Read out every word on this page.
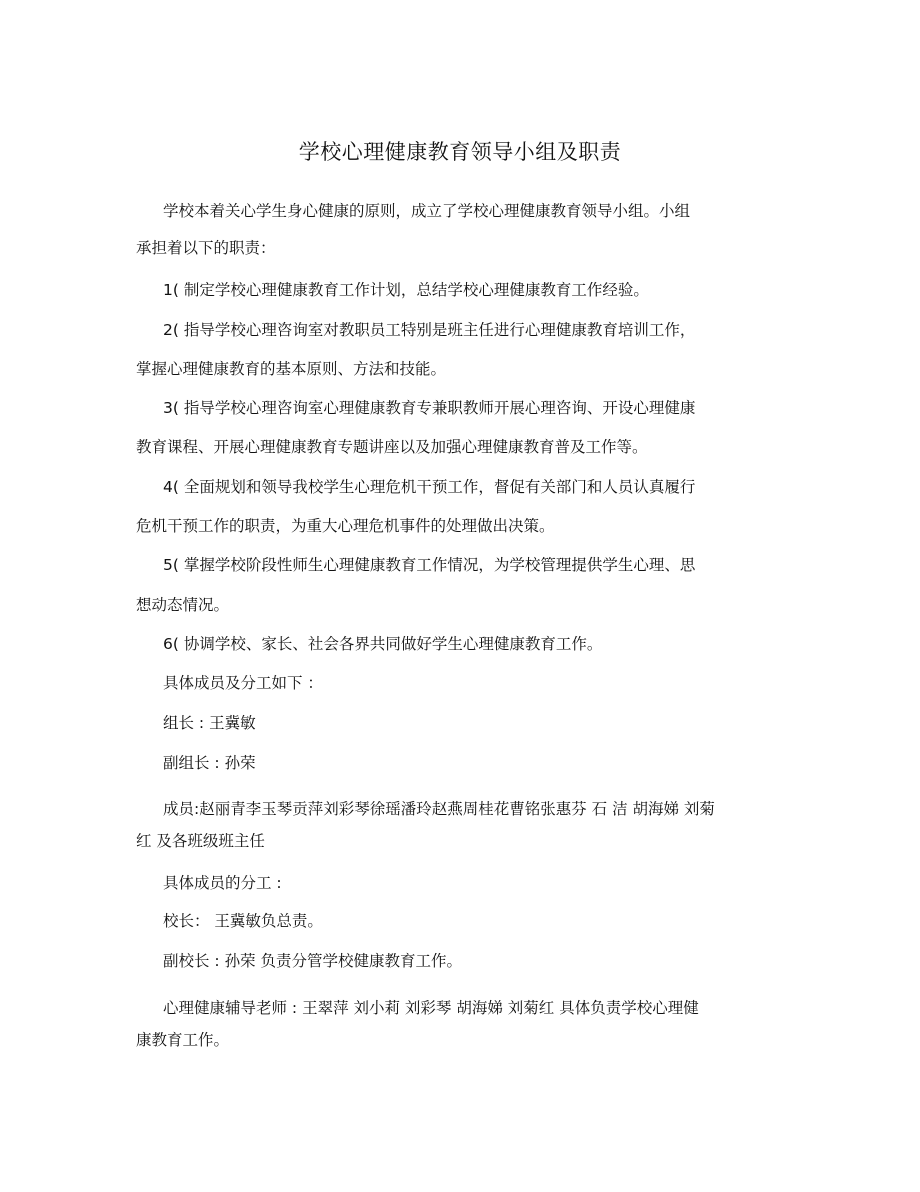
学校心理健康教育领导小组及职责
学校本着关心学生身心健康的原则，成立了学校心理健康教育领导小组。小组
承担着以下的职责：
1( 制定学校心理健康教育工作计划，总结学校心理健康教育工作经验。
2( 指导学校心理咨询室对教职员工特别是班主任进行心理健康教育培训工作，
掌握心理健康教育的基本原则、方法和技能。
3( 指导学校心理咨询室心理健康教育专兼职教师开展心理咨询、开设心理健康
教育课程、开展心理健康教育专题讲座以及加强心理健康教育普及工作等。
4( 全面规划和领导我校学生心理危机干预工作，督促有关部门和人员认真履行
危机干预工作的职责，为重大心理危机事件的处理做出决策。
5( 掌握学校阶段性师生心理健康教育工作情况，为学校管理提供学生心理、思
想动态情况。
6( 协调学校、家长、社会各界共同做好学生心理健康教育工作。
具体成员及分工如下 ：
组长 : 王冀敏
副组长 : 孙荣
成员:赵丽青李玉琴贡萍刘彩琴徐瑶潘玲赵燕周桂花曹铭张惠芬 石 洁 胡海娣 刘菊
红 及各班级班主任
具体成员的分工 :
校长： 王冀敏负总责。
副校长 : 孙荣 负责分管学校健康教育工作。
心理健康辅导老师 : 王翠萍 刘小莉 刘彩琴 胡海娣 刘菊红 具体负责学校心理健
康教育工作。
